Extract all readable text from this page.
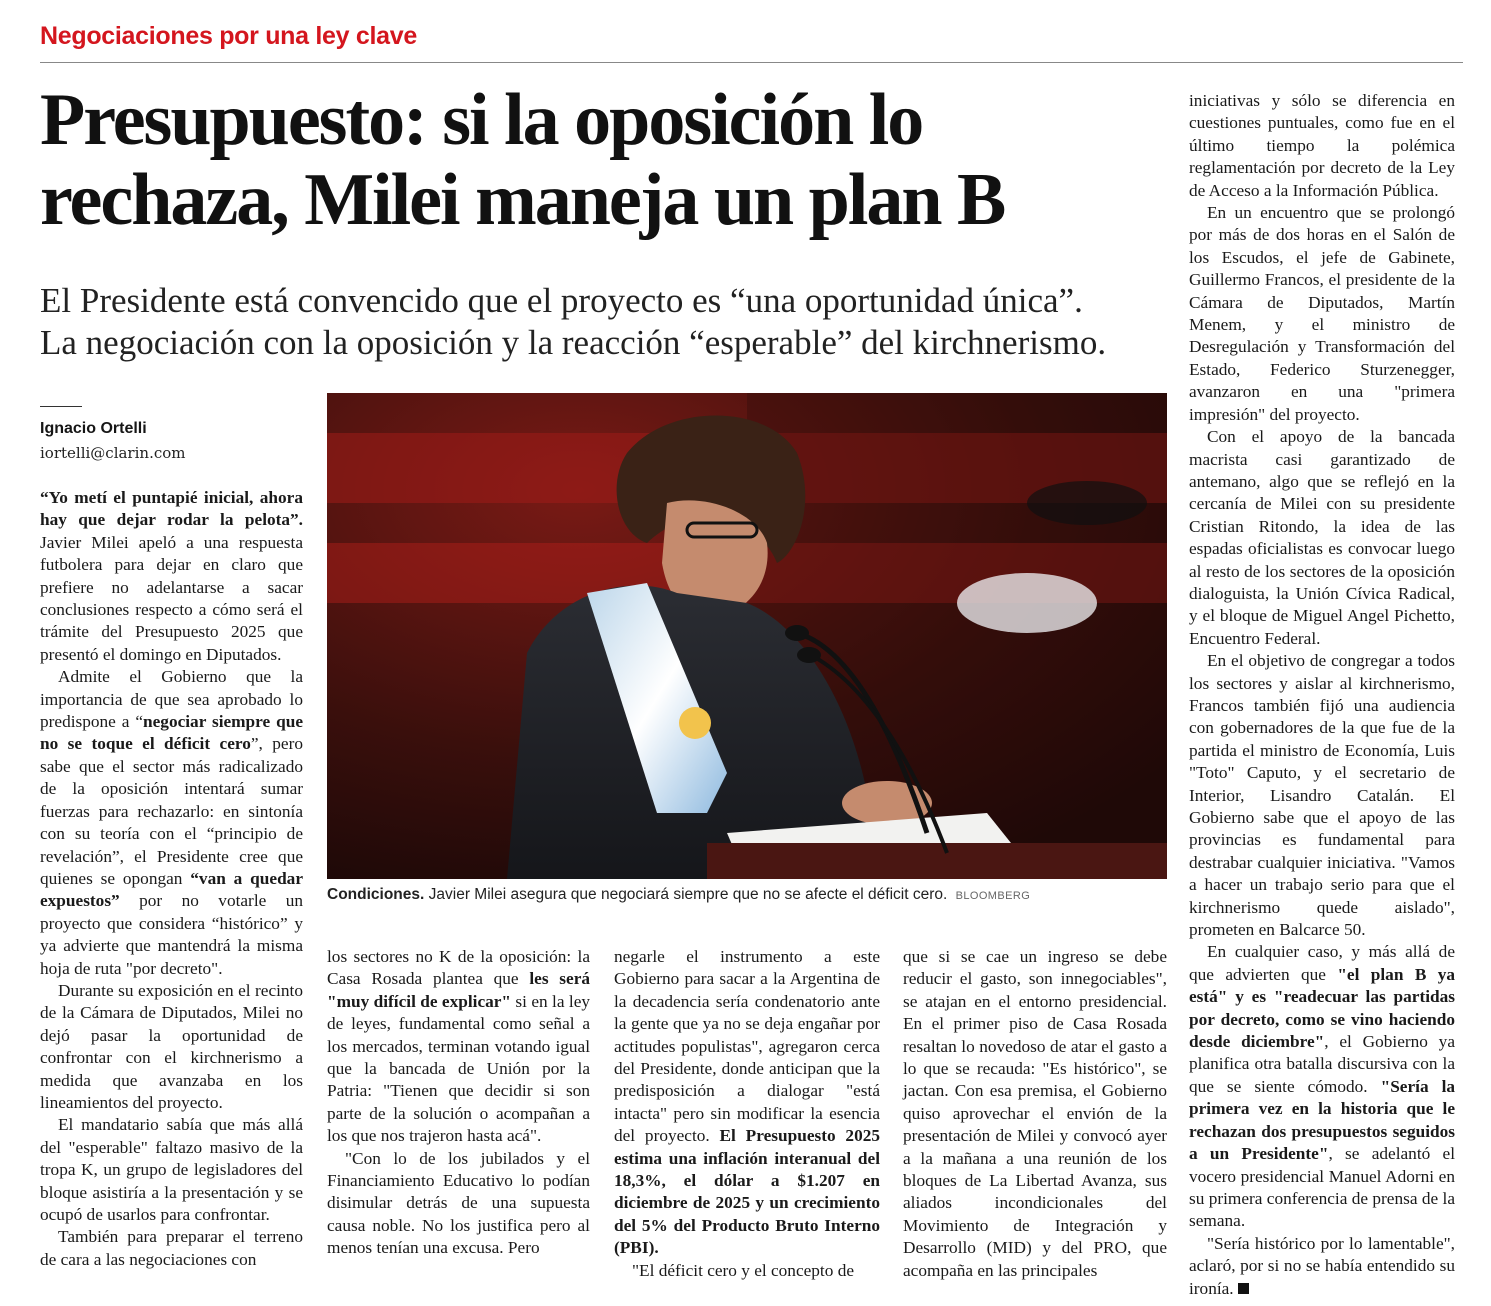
Negociaciones por una ley clave
Presupuesto: si la oposición lo
rechaza, Milei maneja un plan B
El Presidente está convencido que el proyecto es “una oportunidad única”.
La negociación con la oposición y la reacción “esperable” del kirchnerismo.
Ignacio Ortelli
iortelli@clarin.com

“Yo metí el puntapié inicial, ahora hay que dejar rodar la pelota”. Javier Milei apeló a una respuesta futbolera para dejar en claro que prefiere no adelantarse a sacar conclusiones respecto a cómo será el trámite del Presupuesto 2025 que presentó el domingo en Diputados.

Admite el Gobierno que la importancia de que sea aprobado lo predispone a “negociar siempre que no se toque el déficit cero”, pero sabe que el sector más radicalizado de la oposición intentará sumar fuerzas para rechazarlo: en sintonía con su teoría con el “principio de revelación”, el Presidente cree que quienes se opongan “van a quedar expuestos” por no votarle un proyecto que considera “histórico” y ya advierte que mantendrá la misma hoja de ruta "por decreto".

Durante su exposición en el recinto de la Cámara de Diputados, Milei no dejó pasar la oportunidad de confrontar con el kirchnerismo a medida que avanzaba en los lineamientos del proyecto.

El mandatario sabía que más allá del "esperable" faltazo masivo de la tropa K, un grupo de legisladores del bloque asistiría a la presentación y se ocupó de usarlos para confrontar.

También para preparar el terreno de cara a las negociaciones con

Condiciones. Javier Milei asegura que negociará siempre que no se afecte el déficit cero. BLOOMBERG

los sectores no K de la oposición: la Casa Rosada plantea que les será "muy difícil de explicar" si en la ley de leyes, fundamental como señal a los mercados, terminan votando igual que la bancada de Unión por la Patria: "Tienen que decidir si son parte de la solución o acompañan a los que nos trajeron hasta acá".

"Con lo de los jubilados y el Financiamiento Educativo lo podían disimular detrás de una supuesta causa noble. No los justifica pero al menos tenían una excusa. Pero

negarle el instrumento a este Gobierno para sacar a la Argentina de la decadencia sería condenatorio ante la gente que ya no se deja engañar por actitudes populistas", agregaron cerca del Presidente, donde anticipan que la predisposición a dialogar "está intacta" pero sin modificar la esencia del proyecto. El Presupuesto 2025 estima una inflación interanual del 18,3%, el dólar a $1.207 en diciembre de 2025 y un crecimiento del 5% del Producto Bruto Interno (PBI).

"El déficit cero y el concepto de

que si se cae un ingreso se debe reducir el gasto, son innegociables", se atajan en el entorno presidencial. En el primer piso de Casa Rosada resaltan lo novedoso de atar el gasto a lo que se recauda: "Es histórico", se jactan. Con esa premisa, el Gobierno quiso aprovechar el envión de la presentación de Milei y convocó ayer a la mañana a una reunión de los bloques de La Libertad Avanza, sus aliados incondicionales del Movimiento de Integración y Desarrollo (MID) y del PRO, que acompaña en las principales

iniciativas y sólo se diferencia en cuestiones puntuales, como fue en el último tiempo la polémica reglamentación por decreto de la Ley de Acceso a la Información Pública.

En un encuentro que se prolongó por más de dos horas en el Salón de los Escudos, el jefe de Gabinete, Guillermo Francos, el presidente de la Cámara de Diputados, Martín Menem, y el ministro de Desregulación y Transformación del Estado, Federico Sturzenegger, avanzaron en una "primera impresión" del proyecto.

Con el apoyo de la bancada macrista casi garantizado de antemano, algo que se reflejó en la cercanía de Milei con su presidente Cristian Ritondo, la idea de las espadas oficialistas es convocar luego al resto de los sectores de la oposición dialoguista, la Unión Cívica Radical, y el bloque de Miguel Angel Pichetto, Encuentro Federal.

En el objetivo de congregar a todos los sectores y aislar al kirchnerismo, Francos también fijó una audiencia con gobernadores de la que fue de la partida el ministro de Economía, Luis "Toto" Caputo, y el secretario de Interior, Lisandro Catalán. El Gobierno sabe que el apoyo de las provincias es fundamental para destrabar cualquier iniciativa. "Vamos a hacer un trabajo serio para que el kirchnerismo quede aislado", prometen en Balcarce 50.

En cualquier caso, y más allá de que advierten que "el plan B ya está" y es "readecuar las partidas por decreto, como se vino haciendo desde diciembre", el Gobierno ya planifica otra batalla discursiva con la que se siente cómodo. "Sería la primera vez en la historia que le rechazan dos presupuestos seguidos a un Presidente", se adelantó el vocero presidencial Manuel Adorni en su primera conferencia de prensa de la semana.

"Sería histórico por lo lamentable", aclaró, por si no se había entendido su ironía.
